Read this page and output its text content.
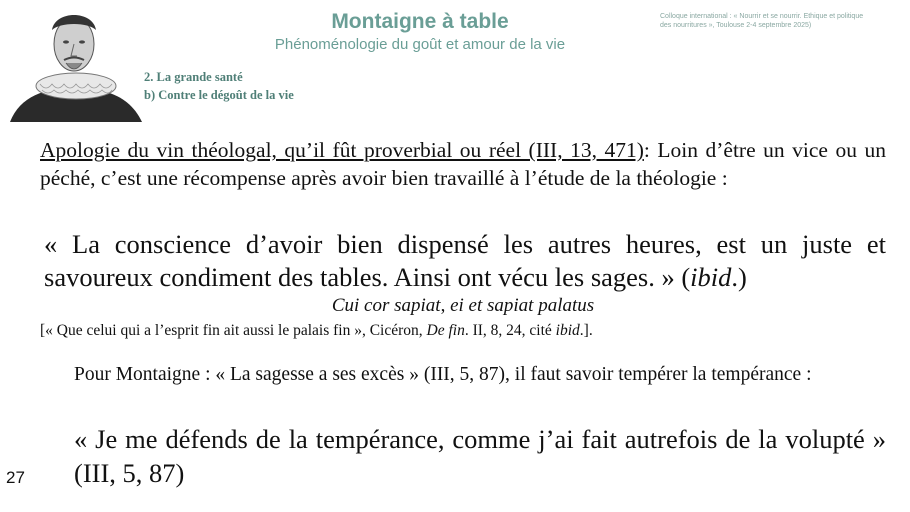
Montaigne à table
Phénoménologie du goût et amour de la vie
Colloque international : « Nourrir et se nourrir. Ethique et politique
des nourritures », Toulouse 2-4 septembre 2025)
2. La grande santé
b) Contre le dégoût de la vie
Apologie du vin théologal, qu’il fût proverbial ou réel (III, 13, 471): Loin d’être un vice ou un péché, c’est une récompense après avoir bien travaillé à l’étude de la théologie :
« La conscience d’avoir bien dispensé les autres heures, est un juste et savoureux condiment des tables. Ainsi ont vécu les sages. » (ibid.)
Cui cor sapiat, ei et sapiat palatus
[« Que celui qui a l’esprit fin ait aussi le palais fin », Cicéron, De fin. II, 8, 24, cité ibid.].
Pour Montaigne : « La sagesse a ses excès » (III, 5, 87), il faut savoir tempérer la tempérance :
« Je me défends de la tempérance, comme j’ai fait autrefois de la volupté » (III, 5, 87)
27
